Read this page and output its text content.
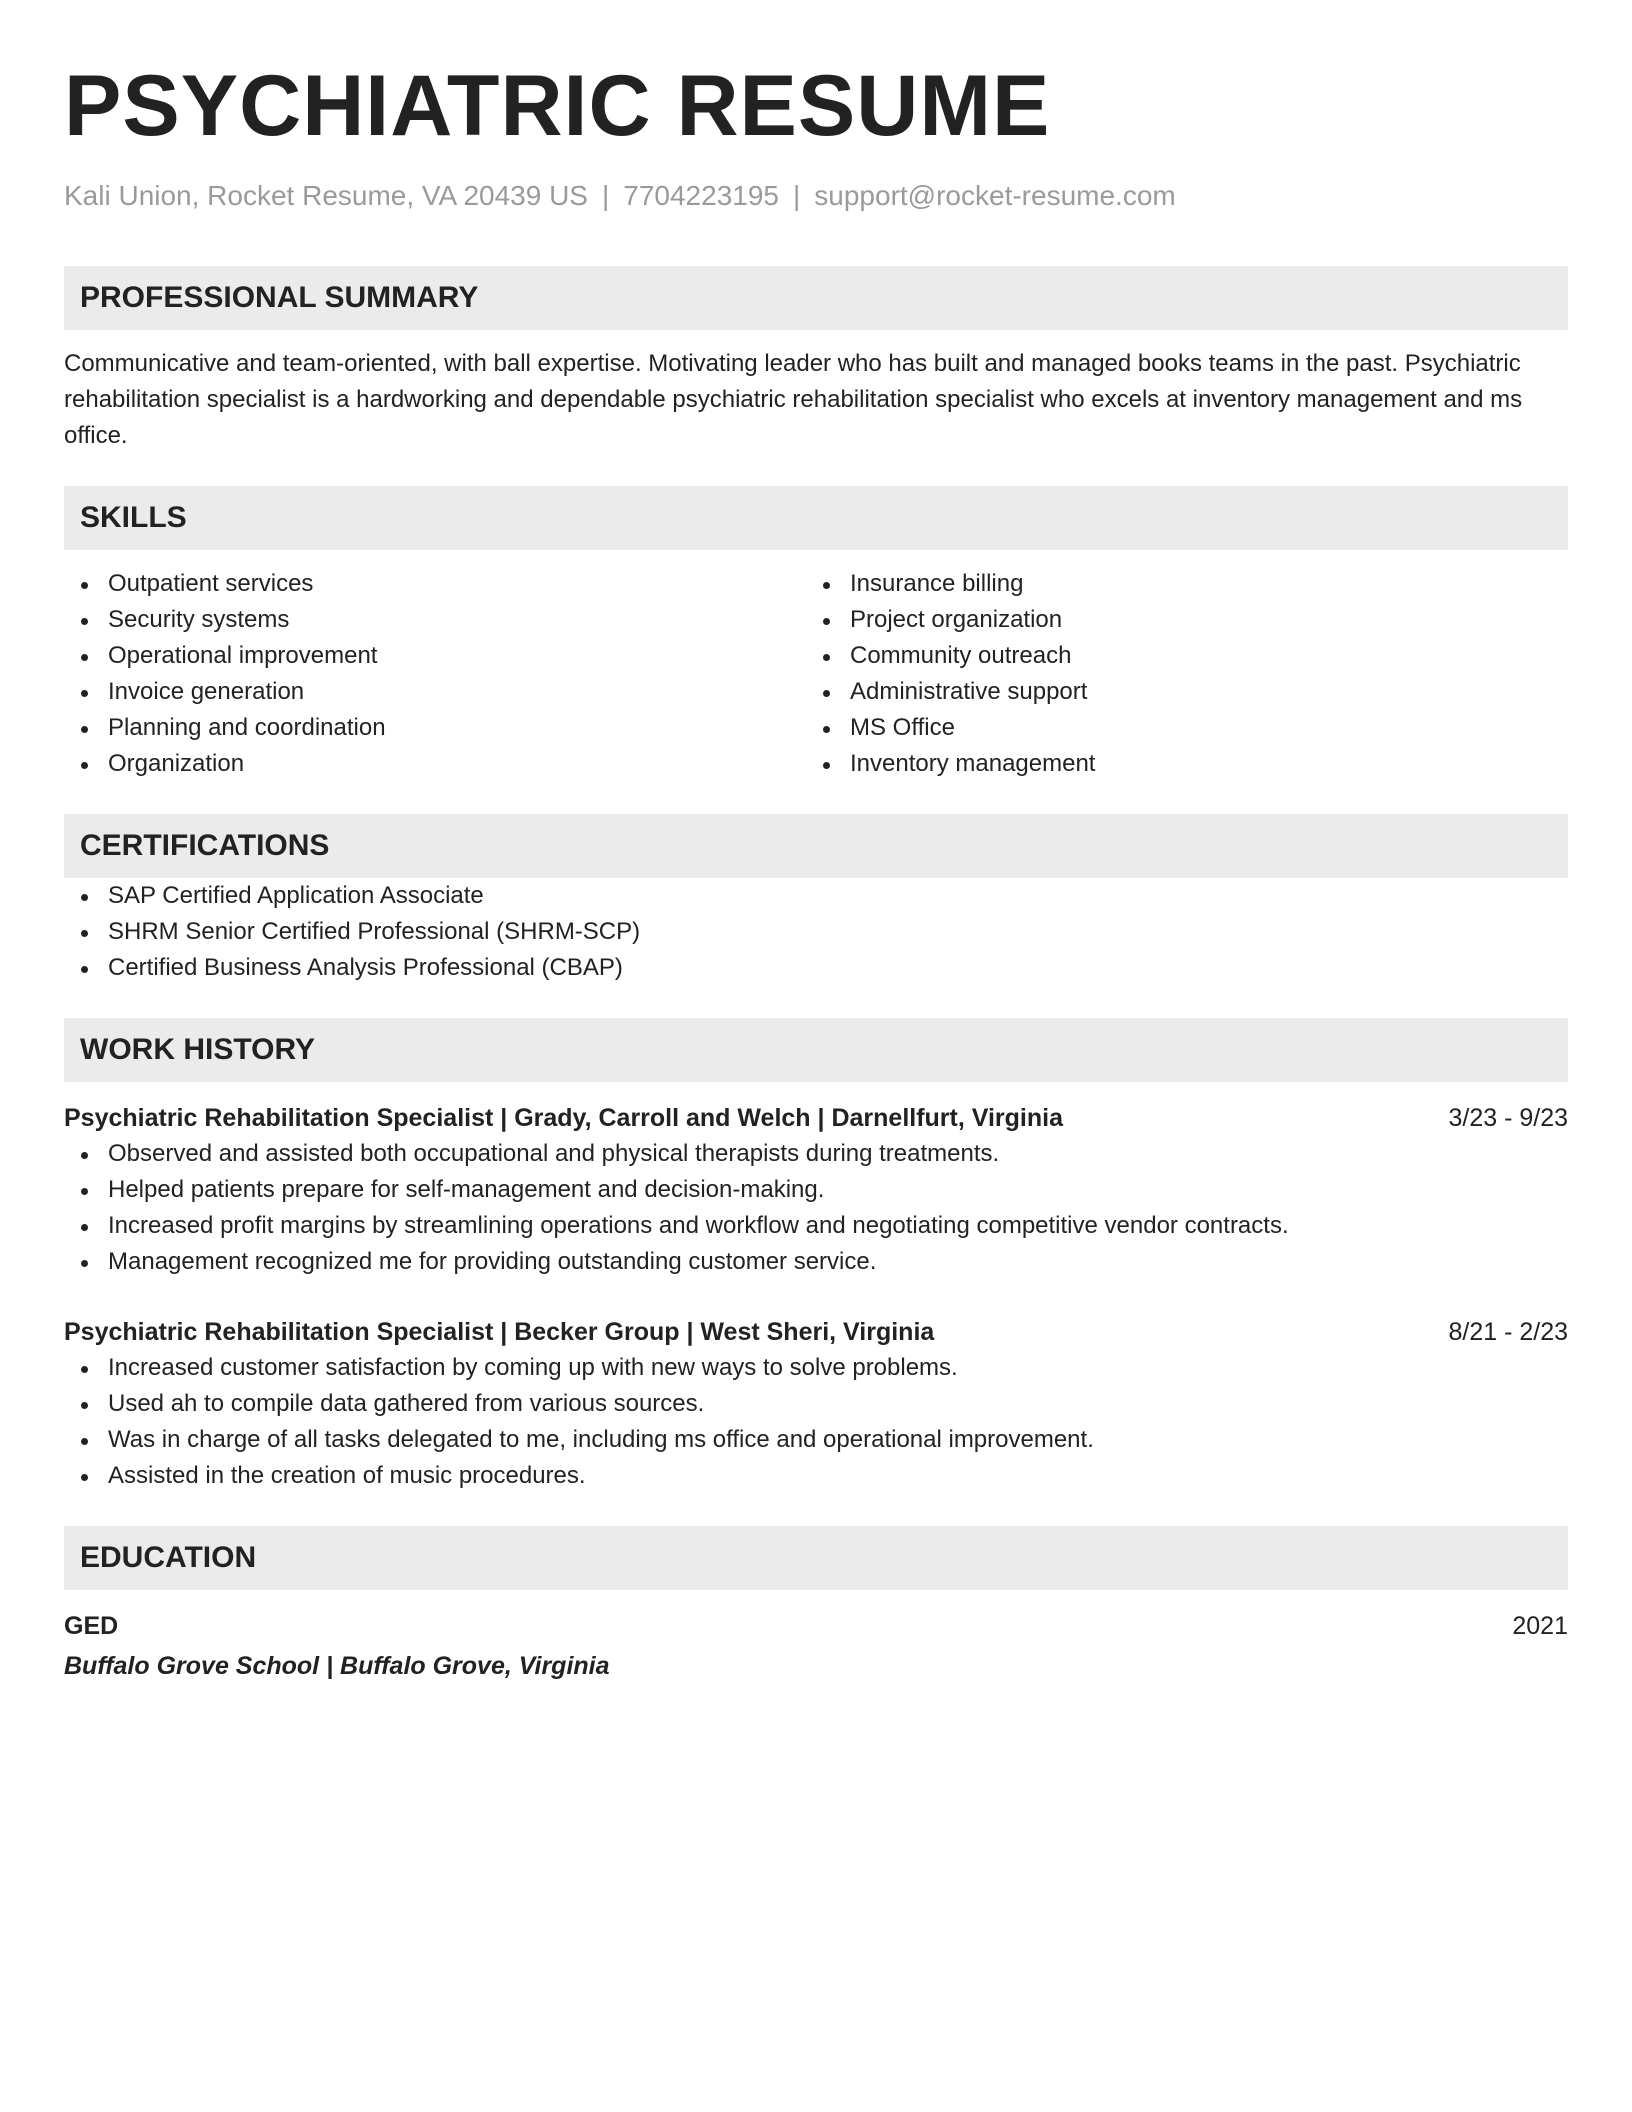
PSYCHIATRIC RESUME
Kali Union, Rocket Resume, VA 20439 US | 7704223195 | support@rocket-resume.com
PROFESSIONAL SUMMARY
Communicative and team-oriented, with ball expertise. Motivating leader who has built and managed books teams in the past. Psychiatric rehabilitation specialist is a hardworking and dependable psychiatric rehabilitation specialist who excels at inventory management and ms office.
SKILLS
Outpatient services
Security systems
Operational improvement
Invoice generation
Planning and coordination
Organization
Insurance billing
Project organization
Community outreach
Administrative support
MS Office
Inventory management
CERTIFICATIONS
SAP Certified Application Associate
SHRM Senior Certified Professional (SHRM-SCP)
Certified Business Analysis Professional (CBAP)
WORK HISTORY
Psychiatric Rehabilitation Specialist | Grady, Carroll and Welch | Darnellfurt, Virginia	3/23 - 9/23
Observed and assisted both occupational and physical therapists during treatments.
Helped patients prepare for self-management and decision-making.
Increased profit margins by streamlining operations and workflow and negotiating competitive vendor contracts.
Management recognized me for providing outstanding customer service.
Psychiatric Rehabilitation Specialist | Becker Group | West Sheri, Virginia	8/21 - 2/23
Increased customer satisfaction by coming up with new ways to solve problems.
Used ah to compile data gathered from various sources.
Was in charge of all tasks delegated to me, including ms office and operational improvement.
Assisted in the creation of music procedures.
EDUCATION
GED	2021
Buffalo Grove School | Buffalo Grove, Virginia
